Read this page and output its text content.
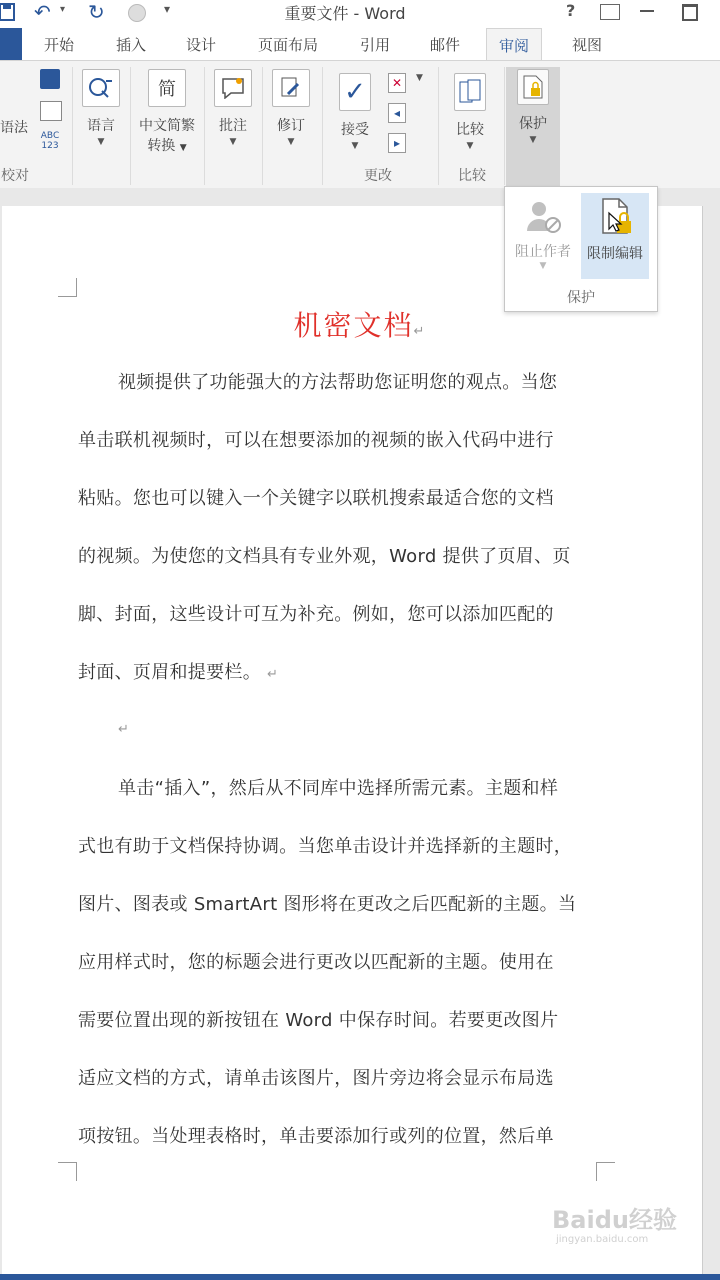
↶ ▾ ↻	▾	重要文件 - Word	?
开始	插入	设计	页面布局	引用	邮件	审阅	视图
语法	ABC
123
校对
语言
▼
简
中文简繁
转换 ▼
批注
▼
修订
▼
✓
接受
▼
✕	▼
◂
▸
更改
比较
▼
比较
保护
▼
机密文档↵
视频提供了功能强大的方法帮助您证明您的观点。当您
单击联机视频时，可以在想要添加的视频的嵌入代码中进行
粘贴。您也可以键入一个关键字以联机搜索最适合您的文档
的视频。为使您的文档具有专业外观，Word 提供了页眉、页
脚、封面，这些设计可互为补充。例如，您可以添加匹配的
封面、页眉和提要栏。 ↵
↵
单击“插入”，然后从不同库中选择所需元素。主题和样
式也有助于文档保持协调。当您单击设计并选择新的主题时，
图片、图表或 SmartArt 图形将在更改之后匹配新的主题。当
应用样式时，您的标题会进行更改以匹配新的主题。使用在
需要位置出现的新按钮在 Word 中保存时间。若要更改图片
适应文档的方式，请单击该图片，图片旁边将会显示布局选
项按钮。当处理表格时，单击要添加行或列的位置，然后单
阻止作者
▼
限制编辑
保护
Baidu经验
jingyan.baidu.com
